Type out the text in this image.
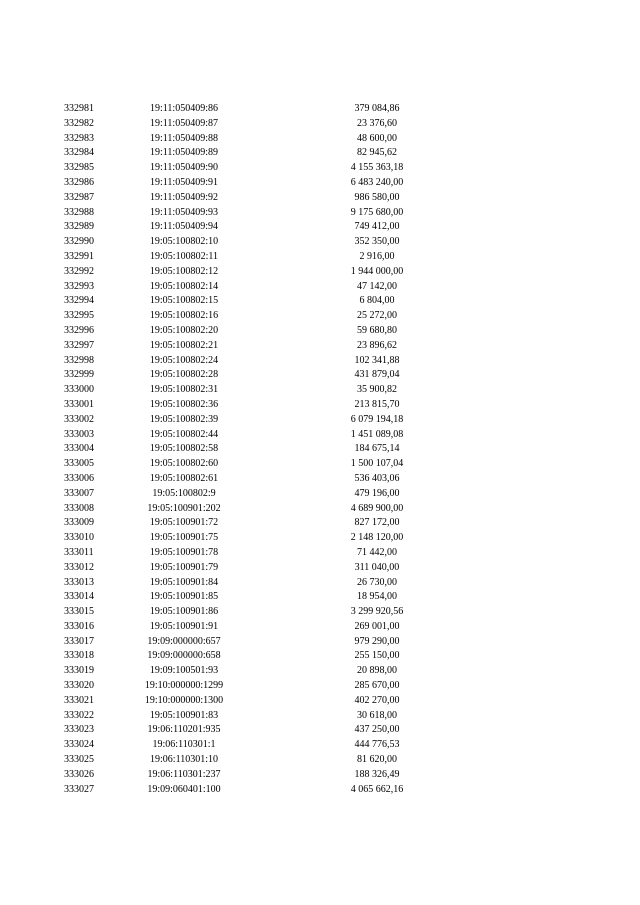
332981	19:11:050409:86	379 084,86
332982	19:11:050409:87	23 376,60
332983	19:11:050409:88	48 600,00
332984	19:11:050409:89	82 945,62
332985	19:11:050409:90	4 155 363,18
332986	19:11:050409:91	6 483 240,00
332987	19:11:050409:92	986 580,00
332988	19:11:050409:93	9 175 680,00
332989	19:11:050409:94	749 412,00
332990	19:05:100802:10	352 350,00
332991	19:05:100802:11	2 916,00
332992	19:05:100802:12	1 944 000,00
332993	19:05:100802:14	47 142,00
332994	19:05:100802:15	6 804,00
332995	19:05:100802:16	25 272,00
332996	19:05:100802:20	59 680,80
332997	19:05:100802:21	23 896,62
332998	19:05:100802:24	102 341,88
332999	19:05:100802:28	431 879,04
333000	19:05:100802:31	35 900,82
333001	19:05:100802:36	213 815,70
333002	19:05:100802:39	6 079 194,18
333003	19:05:100802:44	1 451 089,08
333004	19:05:100802:58	184 675,14
333005	19:05:100802:60	1 500 107,04
333006	19:05:100802:61	536 403,06
333007	19:05:100802:9	479 196,00
333008	19:05:100901:202	4 689 900,00
333009	19:05:100901:72	827 172,00
333010	19:05:100901:75	2 148 120,00
333011	19:05:100901:78	71 442,00
333012	19:05:100901:79	311 040,00
333013	19:05:100901:84	26 730,00
333014	19:05:100901:85	18 954,00
333015	19:05:100901:86	3 299 920,56
333016	19:05:100901:91	269 001,00
333017	19:09:000000:657	979 290,00
333018	19:09:000000:658	255 150,00
333019	19:09:100501:93	20 898,00
333020	19:10:000000:1299	285 670,00
333021	19:10:000000:1300	402 270,00
333022	19:05:100901:83	30 618,00
333023	19:06:110201:935	437 250,00
333024	19:06:110301:1	444 776,53
333025	19:06:110301:10	81 620,00
333026	19:06:110301:237	188 326,49
333027	19:09:060401:100	4 065 662,16
